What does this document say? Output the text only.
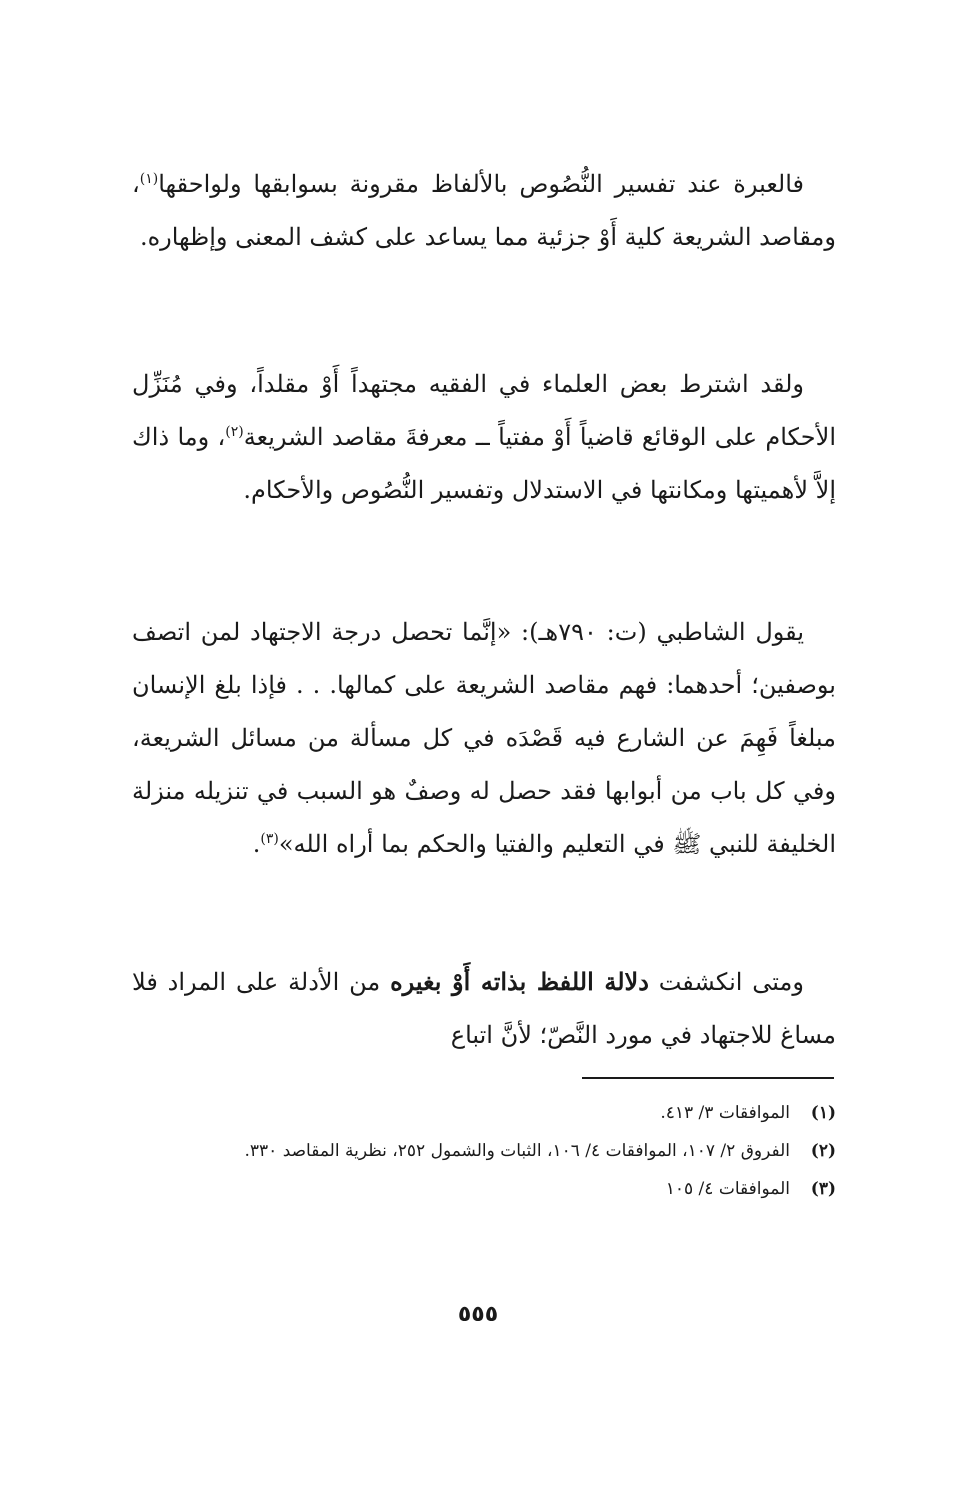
فالعبرة عند تفسير النُّصُوص بالألفاظ مقرونة بسوابقها ولواحقها$^{(١)}$، ومقاصد الشريعة كلية أَوْ جزئية مما يساعد على كشف المعنى وإظهاره.

ولقد اشترط بعض العلماء في الفقيه مجتهداً أَوْ مقلداً، وفي مُنَزِّل الأحكام على الوقائع قاضياً أَوْ مفتياً ــ معرفةَ مقاصد الشريعة$^{(٢)}$، وما ذاك إلاَّ لأهميتها ومكانتها في الاستدلال وتفسير النُّصُوص والأحكام.

يقول الشاطبي (ت: ٧٩٠هـ): «إنَّما تحصل درجة الاجتهاد لمن اتصف بوصفين؛ أحدهما: فهم مقاصد الشريعة على كمالها. . . فإذا بلغ الإنسان مبلغاً فَهِمَ عن الشارع فيه قَصْدَه في كل مسألة من مسائل الشريعة، وفي كل باب من أبوابها فقد حصل له وصفٌ هو السبب في تنزيله منزلة الخليفة للنبي ﷺ في التعليم والفتيا والحكم بما أراه الله»$^{(٣)}$.

ومتى انكشفت دلالة اللفظ بذاته أَوْ بغيره من الأدلة على المراد فلا مساغ للاجتهاد في مورد النَّصّ؛ لأنَّ اتباع

(١)
الموافقات ٣/ ٤١٣.

(٢)
الفروق ٢/ ١٠٧، الموافقات ٤/ ١٠٦، الثبات والشمول ٢٥٢، نظرية المقاصد ٣٣٠.

(٣)
الموافقات ٤/ ١٠٥

٥٥٥
